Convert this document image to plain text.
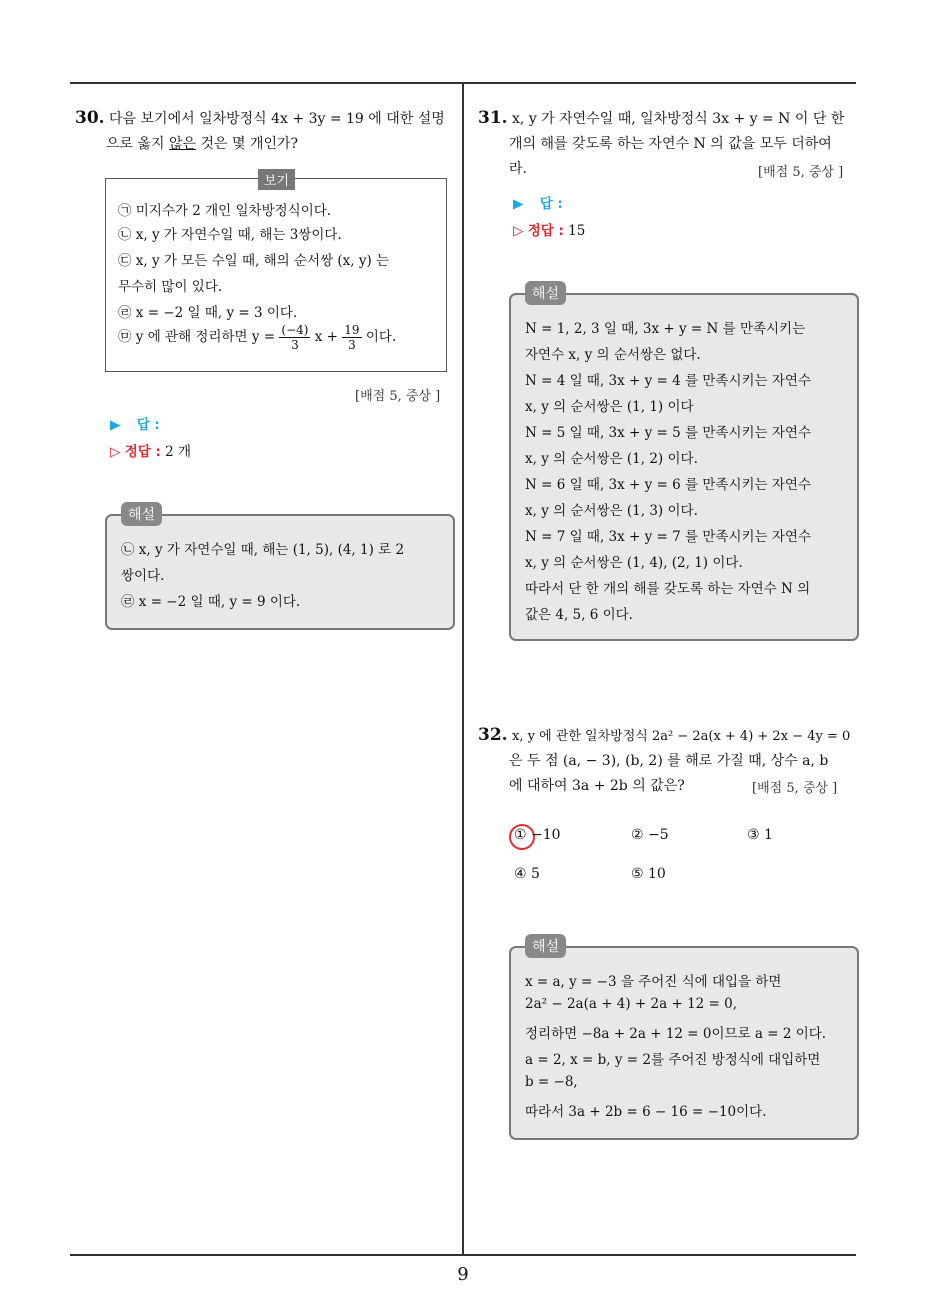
30. 다음 보기에서 일차방정식 4x + 3y = 19 에 대한 설명
으로 옳지 않은 것은 몇 개인가?
보기
㉠ 미지수가 2 개인 일차방정식이다.
㉡ x, y 가 자연수일 때, 해는 3쌍이다.
㉢ x, y 가 모든 수일 때, 해의 순서쌍 (x, y) 는
무수히 많이 있다.
㉣ x = −2 일 때, y = 3 이다.
㉤ y 에 관해 정리하면 $y = \frac{(-4)}{3}$ $x + \frac{19}{3}$ 이다.
[배점 5, 중상 ]
▶ 답 :
▷ 정답 : 2 개
해설
㉡ x, y 가 자연수일 때, 해는 (1, 5), (4, 1) 로 2
쌍이다.
㉣ x = −2 일 때, y = 9 이다.
31. x, y 가 자연수일 때, 일차방정식 3x + y = N 이 단 한
개의 해를 갖도록 하는 자연수 N 의 값을 모두 더하여
라.	[배점 5, 중상 ]
▶ 답 :
▷ 정답 : 15
해설
N = 1, 2, 3 일 때, 3x + y = N 를 만족시키는
자연수 x, y 의 순서쌍은 없다.
N = 4 일 때, 3x + y = 4 를 만족시키는 자연수
x, y 의 순서쌍은 (1, 1) 이다
N = 5 일 때, 3x + y = 5 를 만족시키는 자연수
x, y 의 순서쌍은 (1, 2) 이다.
N = 6 일 때, 3x + y = 6 를 만족시키는 자연수
x, y 의 순서쌍은 (1, 3) 이다.
N = 7 일 때, 3x + y = 7 를 만족시키는 자연수
x, y 의 순서쌍은 (1, 4), (2, 1) 이다.
따라서 단 한 개의 해를 갖도록 하는 자연수 N 의
값은 4, 5, 6 이다.
32. x, y 에 관한 일차방정식 2a² − 2a(x + 4) + 2x − 4y = 0
은 두 점 (a, − 3), (b, 2) 를 해로 가질 때, 상수 a, b
에 대하여 3a + 2b 의 값은?	[배점 5, 중상 ]
① −10	② −5	③ 1
④ 5	⑤ 10
해설
x = a, y = −3 을 주어진 식에 대입을 하면
2a² − 2a(a + 4) + 2a + 12 = 0,
정리하면 −8a + 2a + 12 = 0이므로 a = 2 이다.
a = 2, x = b, y = 2를 주어진 방정식에 대입하면
b = −8,
따라서 3a + 2b = 6 − 16 = −10이다.
9
